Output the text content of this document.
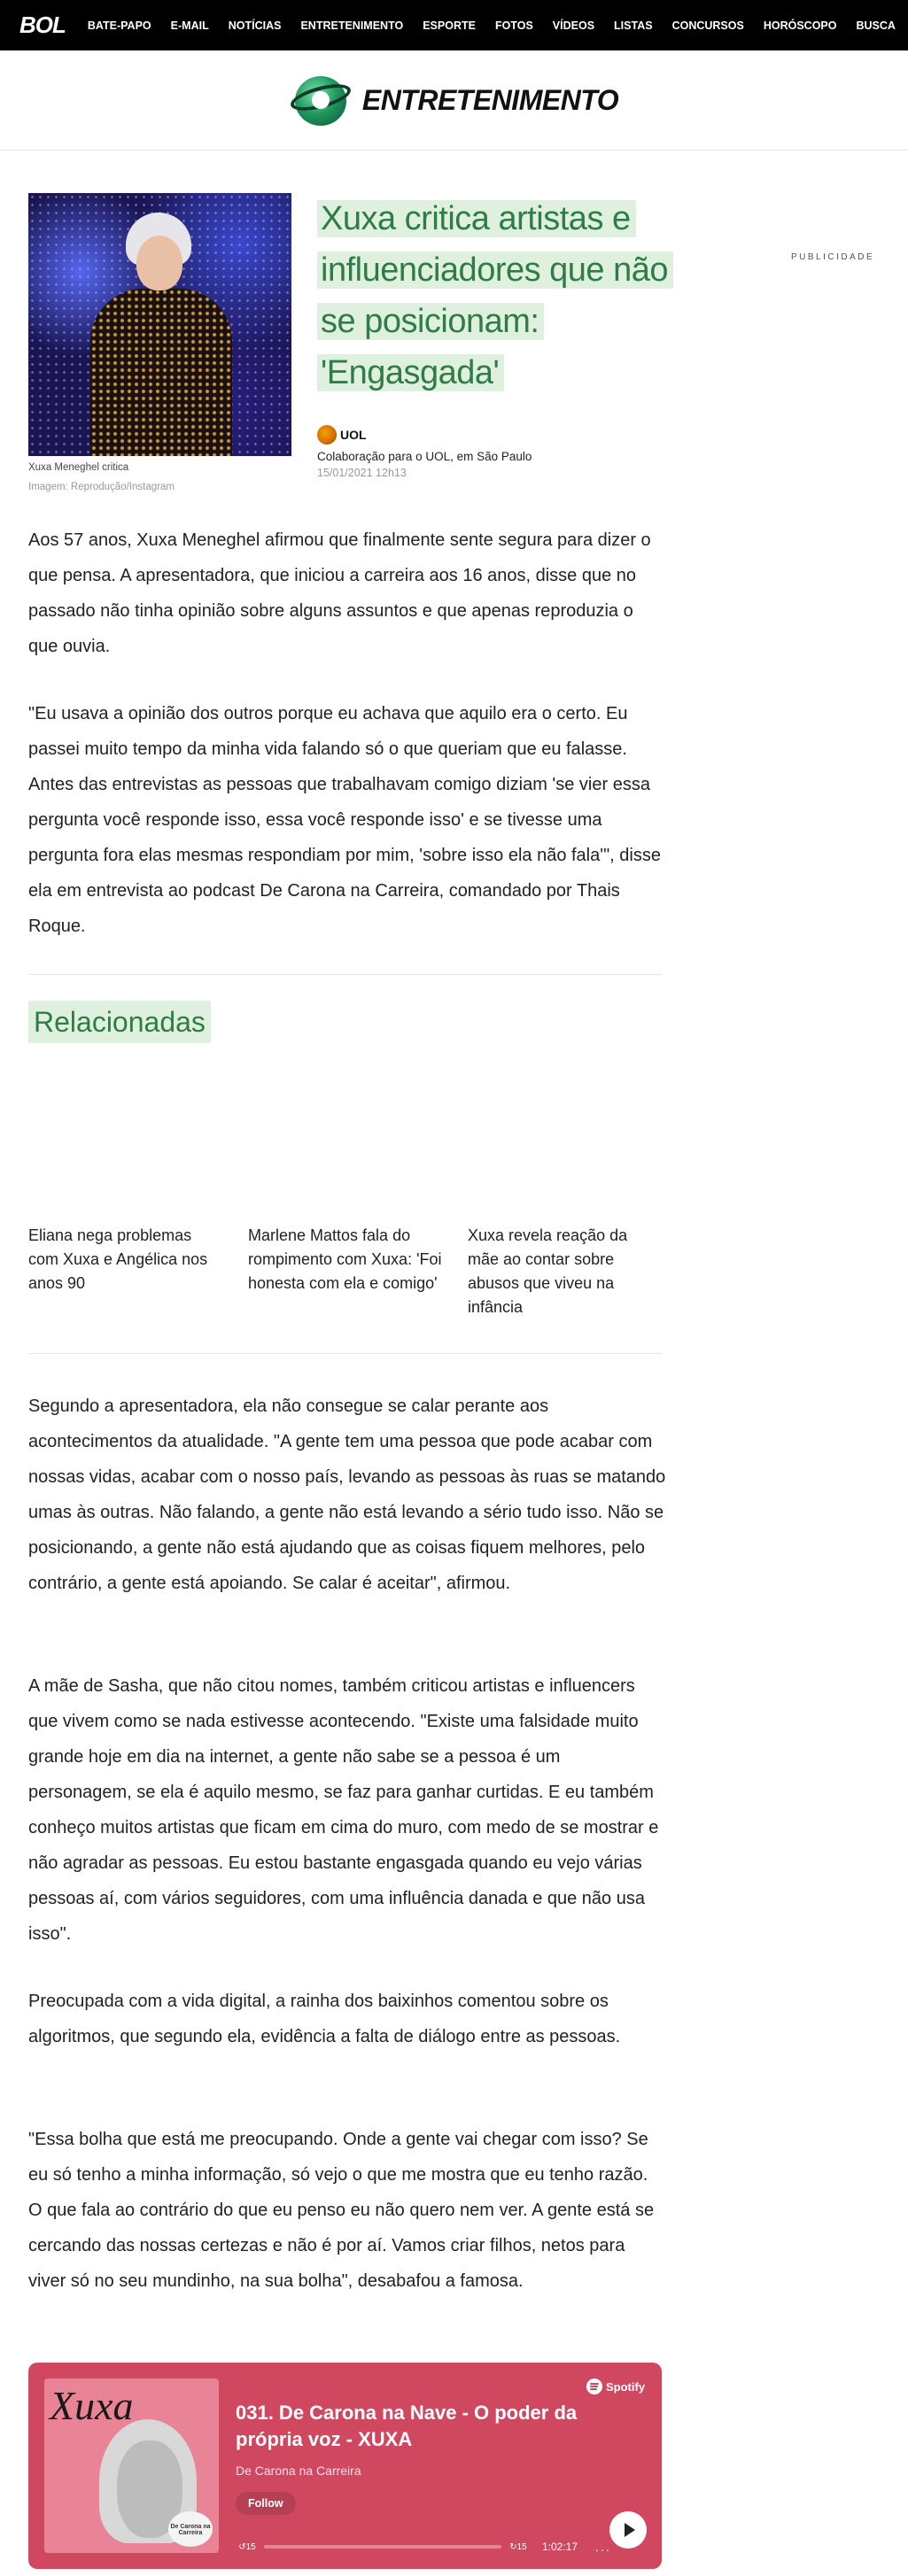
BOL BATE-PAPO E-MAIL NOTÍCIAS ENTRETENIMENTO ESPORTE FOTOS VÍDEOS LISTAS CONCURSOS HORÓSCOPO BUSCA
ENTRETENIMENTO
Xuxa Meneghel critica
Imagem: Reprodução/Instagram
Xuxa critica artistas e influenciadores que não se posicionam: 'Engasgada'
UOL
Colaboração para o UOL, em São Paulo
15/01/2021 12h13
PUBLICIDADE

Aos 57 anos, Xuxa Meneghel afirmou que finalmente sente segura para dizer o que pensa. A apresentadora, que iniciou a carreira aos 16 anos, disse que no passado não tinha opinião sobre alguns assuntos e que apenas reproduzia o que ouvia.

"Eu usava a opinião dos outros porque eu achava que aquilo era o certo. Eu passei muito tempo da minha vida falando só o que queriam que eu falasse. Antes das entrevistas as pessoas que trabalhavam comigo diziam 'se vier essa pergunta você responde isso, essa você responde isso' e se tivesse uma pergunta fora elas mesmas respondiam por mim, 'sobre isso ela não fala'", disse ela em entrevista ao podcast De Carona na Carreira, comandado por Thais Roque.

Relacionadas
Eliana nega problemas com Xuxa e Angélica nos anos 90
Marlene Mattos fala do rompimento com Xuxa: 'Foi honesta com ela e comigo'
Xuxa revela reação da mãe ao contar sobre abusos que viveu na infância

Segundo a apresentadora, ela não consegue se calar perante aos acontecimentos da atualidade. "A gente tem uma pessoa que pode acabar com nossas vidas, acabar com o nosso país, levando as pessoas às ruas se matando umas às outras. Não falando, a gente não está levando a sério tudo isso. Não se posicionando, a gente não está ajudando que as coisas fiquem melhores, pelo contrário, a gente está apoiando. Se calar é aceitar", afirmou.

A mãe de Sasha, que não citou nomes, também criticou artistas e influencers que vivem como se nada estivesse acontecendo. "Existe uma falsidade muito grande hoje em dia na internet, a gente não sabe se a pessoa é um personagem, se ela é aquilo mesmo, se faz para ganhar curtidas. E eu também conheço muitos artistas que ficam em cima do muro, com medo de se mostrar e não agradar as pessoas. Eu estou bastante engasgada quando eu vejo várias pessoas aí, com vários seguidores, com uma influência danada e que não usa isso".

Preocupada com a vida digital, a rainha dos baixinhos comentou sobre os algoritmos, que segundo ela, evidência a falta de diálogo entre as pessoas.

"Essa bolha que está me preocupando. Onde a gente vai chegar com isso? Se eu só tenho a minha informação, só vejo o que me mostra que eu tenho razão. O que fala ao contrário do que eu penso eu não quero nem ver. A gente está se cercando das nossas certezas e não é por aí. Vamos criar filhos, netos para viver só no seu mundinho, na sua bolha", desabafou a famosa.

Xuxa
De Carona na Carreira
Spotify
031. De Carona na Nave - O poder da própria voz - XUXA
De Carona na Carreira
Follow
↺ 15	↻ 15 1:02:17 ...
